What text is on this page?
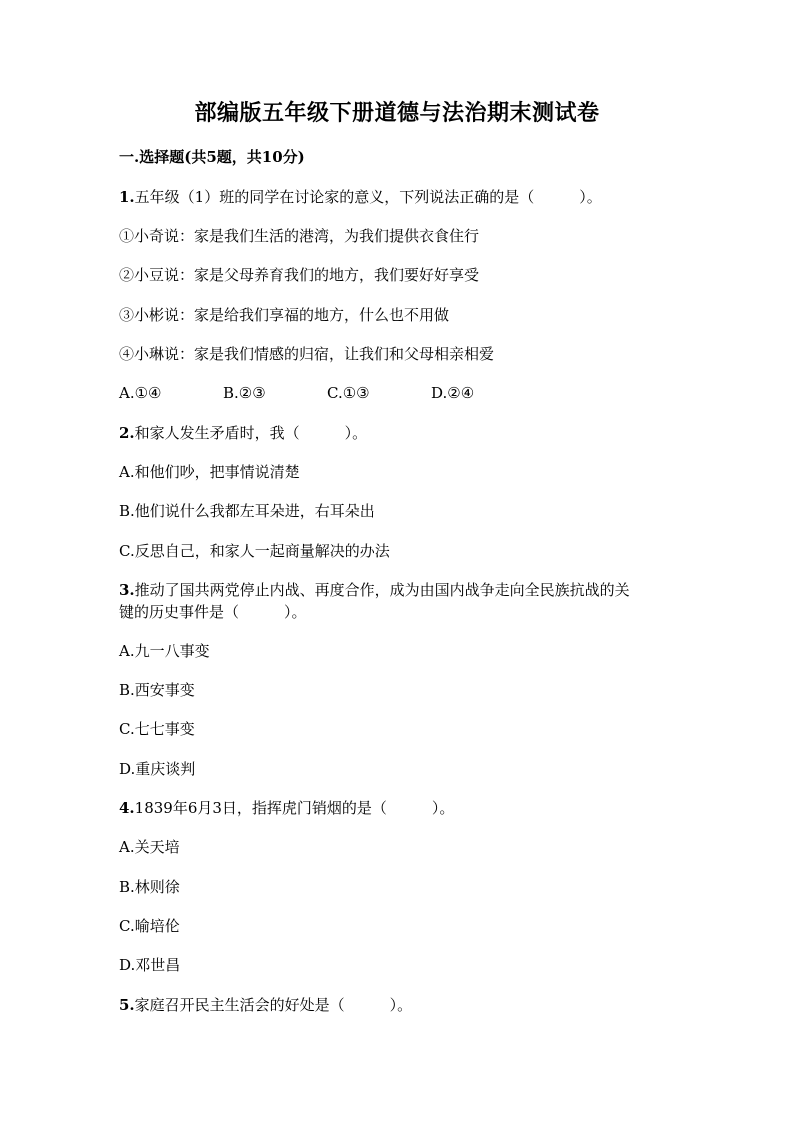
部编版五年级下册道德与法治期末测试卷
一.选择题(共5题，共10分)
1.五年级（1）班的同学在讨论家的意义，下列说法正确的是（　　　）。
①小奇说：家是我们生活的港湾，为我们提供衣食住行
②小豆说：家是父母养育我们的地方，我们要好好享受
③小彬说：家是给我们享福的地方，什么也不用做
④小琳说：家是我们情感的归宿，让我们和父母相亲相爱
A.①④	B.②③	C.①③	D.②④
2.和家人发生矛盾时，我（　　　）。
A.和他们吵，把事情说清楚
B.他们说什么我都左耳朵进，右耳朵出
C.反思自己，和家人一起商量解决的办法
3.推动了国共两党停止内战、再度合作，成为由国内战争走向全民族抗战的关
键的历史事件是（　　　）。
A.九一八事变
B.西安事变
C.七七事变
D.重庆谈判
4.1839年6月3日，指挥虎门销烟的是（　　　）。
A.关天培
B.林则徐
C.喻培伦
D.邓世昌
5.家庭召开民主生活会的好处是（　　　）。
